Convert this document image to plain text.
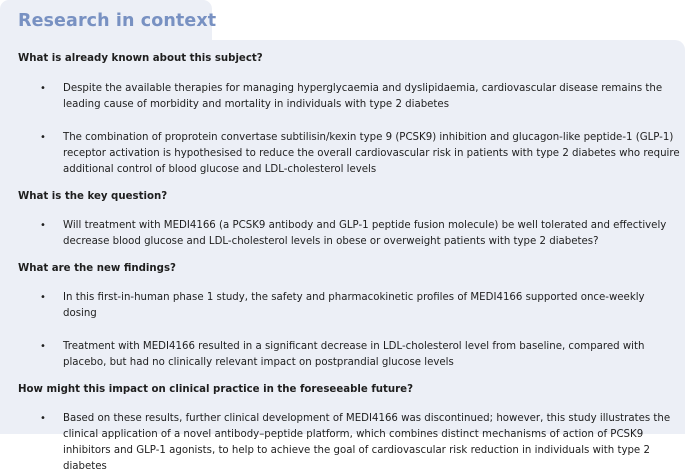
Research in context
What is already known about this subject?
• Despite the available therapies for managing hyperglycaemia and dyslipidaemia, cardiovascular disease remains the leading cause of morbidity and mortality in individuals with type 2 diabetes

• The combination of proprotein convertase subtilisin/kexin type 9 (PCSK9) inhibition and glucagon-like peptide-1 (GLP-1) receptor activation is hypothesised to reduce the overall cardiovascular risk in patients with type 2 diabetes who require additional control of blood glucose and LDL-cholesterol levels

What is the key question?
• Will treatment with MEDI4166 (a PCSK9 antibody and GLP-1 peptide fusion molecule) be well tolerated and effectively decrease blood glucose and LDL-cholesterol levels in obese or overweight patients with type 2 diabetes?

What are the new findings?
• In this first-in-human phase 1 study, the safety and pharmacokinetic profiles of MEDI4166 supported once-weekly dosing

• Treatment with MEDI4166 resulted in a significant decrease in LDL-cholesterol level from baseline, compared with placebo, but had no clinically relevant impact on postprandial glucose levels

How might this impact on clinical practice in the foreseeable future?
• Based on these results, further clinical development of MEDI4166 was discontinued; however, this study illustrates the clinical application of a novel antibody–peptide platform, which combines distinct mechanisms of action of PCSK9 inhibitors and GLP-1 agonists, to help to achieve the goal of cardiovascular risk reduction in individuals with type 2 diabetes
